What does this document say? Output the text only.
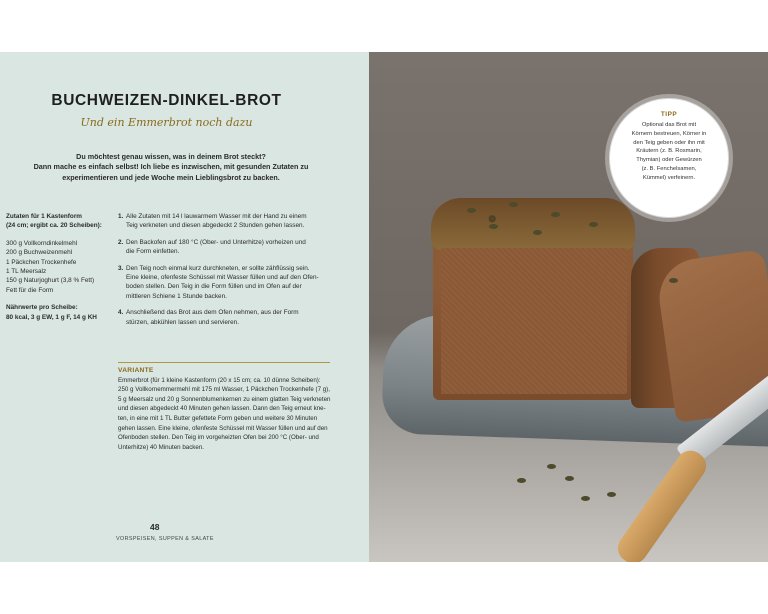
BUCHWEIZEN-DINKEL-BROT
Und ein Emmerbrot noch dazu
Du möchtest genau wissen, was in deinem Brot steckt?
Dann mache es einfach selbst! Ich liebe es inzwischen, mit gesunden Zutaten zu
experimentieren und jede Woche mein Lieblingsbrot zu backen.
Zutaten für 1 Kastenform
(24 cm; ergibt ca. 20 Scheiben):
300 g Vollkorndinkelmehl
200 g Buchweizenmehl
1 Päckchen Trockenhefe
1 TL Meersalz
150 g Naturjoghurt (3,8 % Fett)
Fett für die Form
Nährwerte pro Scheibe:
80 kcal, 3 g EW, 1 g F, 14 g KH
1. Alle Zutaten mit 14 l lauwarmem Wasser mit der Hand zu einem
Teig verkneten und diesen abgedeckt 2 Stunden gehen lassen.
2. Den Backofen auf 180 °C (Ober- und Unterhitze) vorheizen und
die Form einfetten.
3. Den Teig noch einmal kurz durchkneten, er sollte zähflüssig sein.
Eine kleine, ofenfeste Schüssel mit Wasser füllen und auf den Ofen-
boden stellen. Den Teig in die Form füllen und im Ofen auf der
mittleren Schiene 1 Stunde backen.
4. Anschließend das Brot aus dem Ofen nehmen, aus der Form
stürzen, abkühlen lassen und servieren.
VARIANTE
Emmerbrot (für 1 kleine Kastenform (20 x 15 cm; ca. 10 dünne Scheiben):
250 g Vollkornemmermehl mit 175 ml Wasser, 1 Päckchen Trockenhefe (7 g),
5 g Meersalz und 20 g Sonnenblumenkernen zu einem glatten Teig verkneten
und diesen abgedeckt 40 Minuten gehen lassen. Dann den Teig erneut kne-
ten, in eine mit 1 TL Butter gefettete Form geben und weitere 30 Minuten
gehen lassen. Eine kleine, ofenfeste Schüssel mit Wasser füllen und auf den
Ofenboden stellen. Den Teig im vorgeheizten Ofen bei 200 °C (Ober- und
Unterhitze) 40 Minuten backen.
48
VORSPEISEN, SUPPEN & SALATE
TIPP
Optional das Brot mit
Körnern bestreuen, Körner in
den Teig geben oder ihn mit
Kräutern (z. B. Rosmarin,
Thymian) oder Gewürzen
(z. B. Fenchelsamen,
Kümmel) verfeinern.
